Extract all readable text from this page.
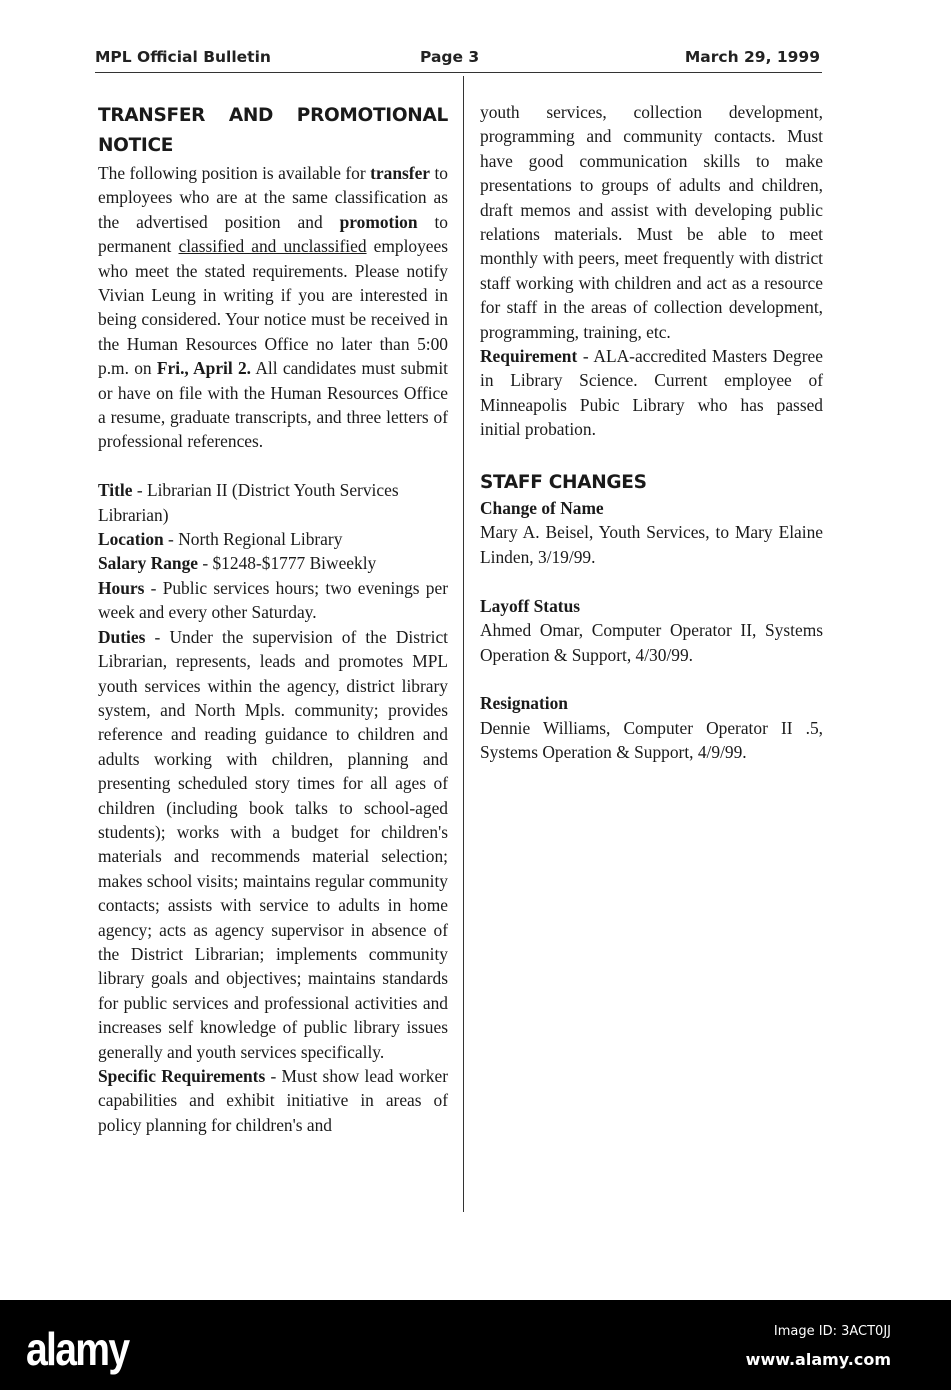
MPL Official Bulletin	Page 3	March 29, 1999
TRANSFER AND PROMOTIONAL NOTICE

The following position is available for transfer to employees who are at the same classification as the advertised position and promotion to permanent classified and unclassified employees who meet the stated requirements. Please notify Vivian Leung in writing if you are interested in being considered. Your notice must be received in the Human Resources Office no later than 5:00 p.m. on Fri., April 2. All candidates must submit or have on file with the Human Resources Office a resume, graduate transcripts, and three letters of professional references.

Title - Librarian II (District Youth Services Librarian)

Location - North Regional Library

Salary Range - $1248-$1777 Biweekly

Hours - Public services hours; two evenings per week and every other Saturday.

Duties - Under the supervision of the District Librarian, represents, leads and promotes MPL youth services within the agency, district library system, and North Mpls. community; provides reference and reading guidance to children and adults working with children, planning and presenting scheduled story times for all ages of children (including book talks to school-aged students); works with a budget for children's materials and recommends material selection; makes school visits; maintains regular community contacts; assists with service to adults in home agency; acts as agency supervisor in absence of the District Librarian; implements community library goals and objectives; maintains standards for public services and professional activities and increases self knowledge of public library issues generally and youth services specifically.

Specific Requirements - Must show lead worker capabilities and exhibit initiative in areas of policy planning for children's and

youth services, collection development, programming and community contacts. Must have good communication skills to make presentations to groups of adults and children, draft memos and assist with developing public relations materials. Must be able to meet monthly with peers, meet frequently with district staff working with children and act as a resource for staff in the areas of collection development, programming, training, etc.

Requirement - ALA-accredited Masters Degree in Library Science. Current employee of Minneapolis Pubic Library who has passed initial probation.

STAFF CHANGES

Change of Name

Mary A. Beisel, Youth Services, to Mary Elaine Linden, 3/19/99.

Layoff Status

Ahmed Omar, Computer Operator II, Systems Operation & Support, 4/30/99.

Resignation

Dennie Williams, Computer Operator II .5, Systems Operation & Support, 4/9/99.

alamy	Image ID: 3ACT0JJ
www.alamy.com
